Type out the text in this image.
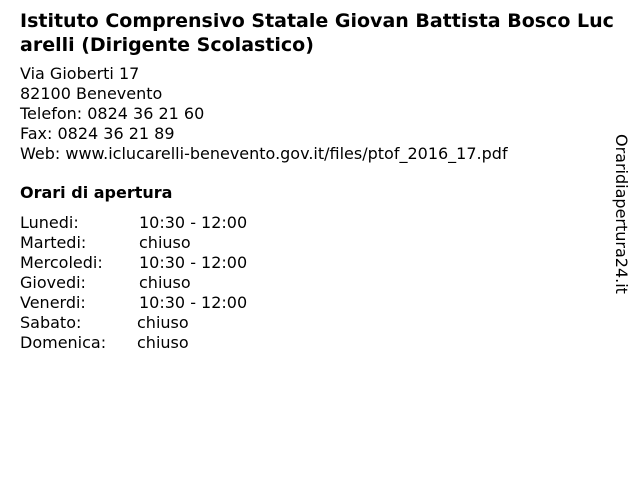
Istituto Comprensivo Statale Giovan Battista Bosco Lucarelli (Dirigente Scolastico)
Via Gioberti 17
82100 Benevento
Telefon: 0824 36 21 60
Fax: 0824 36 21 89
Web: www.iclucarelli-benevento.gov.it/files/ptof_2016_17.pdf
Orari di apertura
Lunedi:	10:30 - 12:00
Martedi:	chiuso
Mercoledi: 10:30 - 12:00
Giovedi:	chiuso
Venerdi:	10:30 - 12:00
Sabato:	chiuso
Domenica: chiuso
Oraridiapertura24.it
